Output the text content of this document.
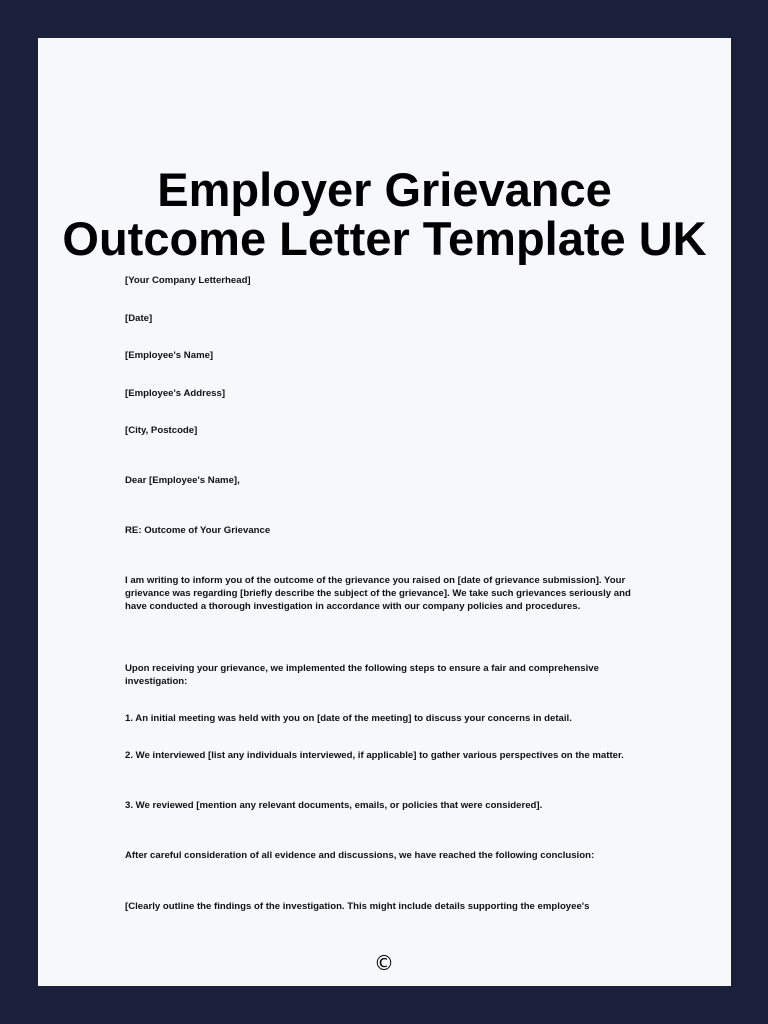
Employer Grievance
Outcome Letter Template UK

[Your Company Letterhead]

[Date]

[Employee's Name]

[Employee's Address]

[City, Postcode]

Dear [Employee's Name],

RE: Outcome of Your Grievance

I am writing to inform you of the outcome of the grievance you raised on [date of grievance submission]. Your grievance was regarding [briefly describe the subject of the grievance]. We take such grievances seriously and have conducted a thorough investigation in accordance with our company policies and procedures.

Upon receiving your grievance, we implemented the following steps to ensure a fair and comprehensive investigation:

1. An initial meeting was held with you on [date of the meeting] to discuss your concerns in detail.

2. We interviewed [list any individuals interviewed, if applicable] to gather various perspectives on the matter.

3. We reviewed [mention any relevant documents, emails, or policies that were considered].

After careful consideration of all evidence and discussions, we have reached the following conclusion:

[Clearly outline the findings of the investigation. This might include details supporting the employee's

©
